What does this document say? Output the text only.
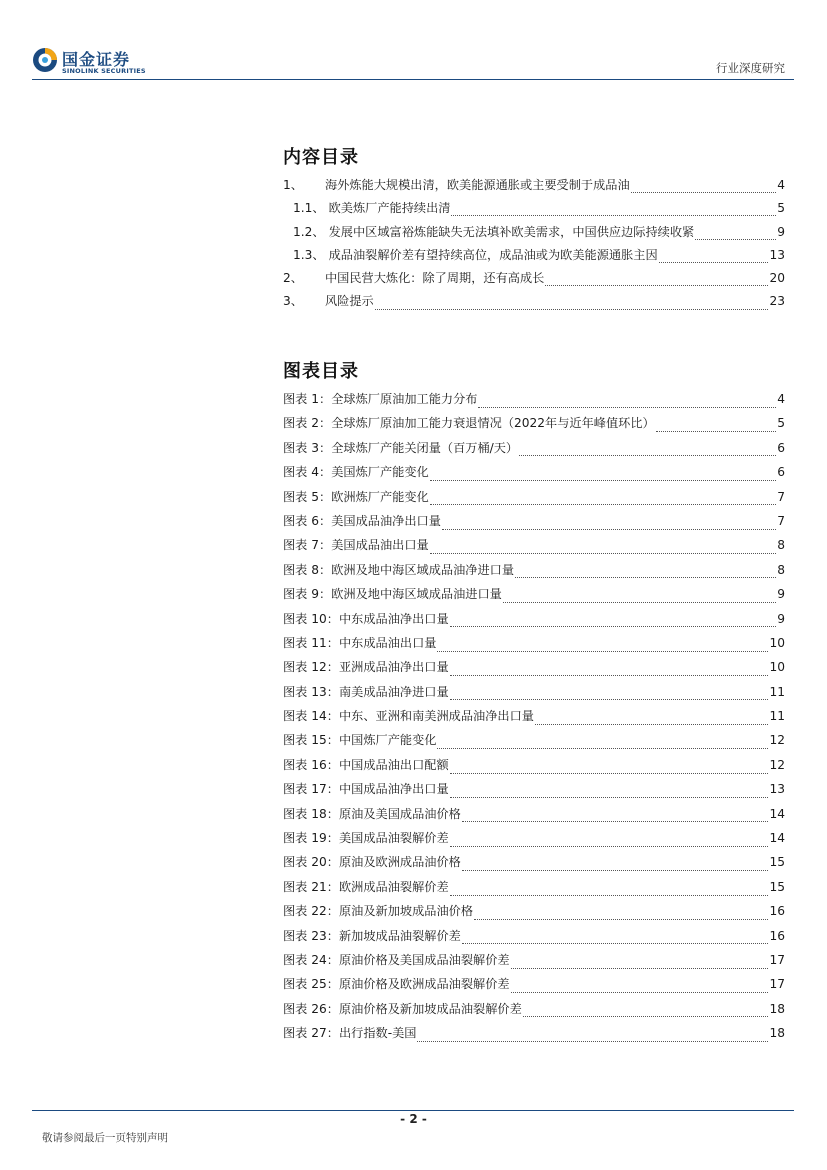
国金证券
SINOLINK SECURITIES	行业深度研究
内容目录
1、 海外炼能大规模出清，欧美能源通胀或主要受制于成品油	4
1.1、 欧美炼厂产能持续出清	5
1.2、 发展中区域富裕炼能缺失无法填补欧美需求，中国供应边际持续收紧	9
1.3、 成品油裂解价差有望持续高位，成品油或为欧美能源通胀主因	13
2、 中国民营大炼化：除了周期，还有高成长	20
3、 风险提示	23
图表目录
图表 1： 全球炼厂原油加工能力分布	4
图表 2： 全球炼厂原油加工能力衰退情况（2022年与近年峰值环比）	5
图表 3： 全球炼厂产能关闭量（百万桶/天）	6
图表 4： 美国炼厂产能变化	6
图表 5： 欧洲炼厂产能变化	7
图表 6： 美国成品油净出口量	7
图表 7： 美国成品油出口量	8
图表 8： 欧洲及地中海区域成品油净进口量	8
图表 9： 欧洲及地中海区域成品油进口量	9
图表 10： 中东成品油净出口量	9
图表 11： 中东成品油出口量	10
图表 12： 亚洲成品油净出口量	10
图表 13： 南美成品油净进口量	11
图表 14： 中东、亚洲和南美洲成品油净出口量	11
图表 15： 中国炼厂产能变化	12
图表 16： 中国成品油出口配额	12
图表 17： 中国成品油净出口量	13
图表 18： 原油及美国成品油价格	14
图表 19： 美国成品油裂解价差	14
图表 20： 原油及欧洲成品油价格	15
图表 21： 欧洲成品油裂解价差	15
图表 22： 原油及新加坡成品油价格	16
图表 23： 新加坡成品油裂解价差	16
图表 24： 原油价格及美国成品油裂解价差	17
图表 25： 原油价格及欧洲成品油裂解价差	17
图表 26： 原油价格及新加坡成品油裂解价差	18
图表 27： 出行指数-美国	18
- 2 -
敬请参阅最后一页特别声明
